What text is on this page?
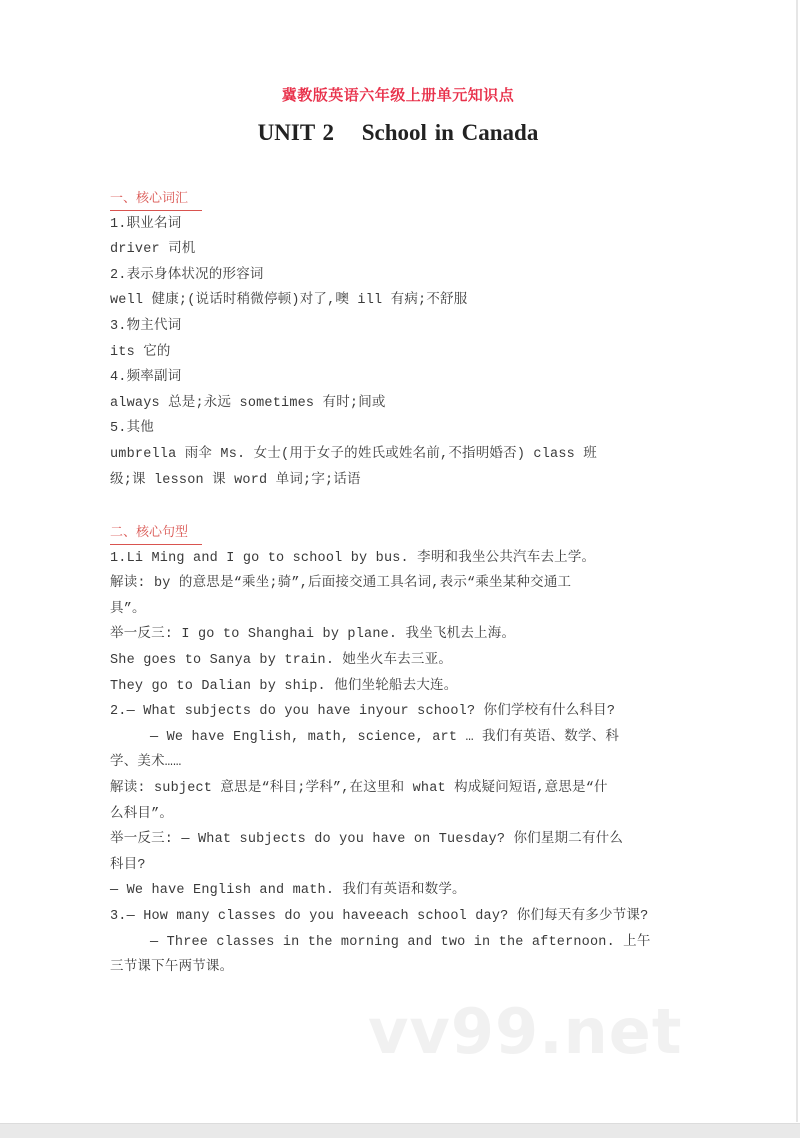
冀教版英语六年级上册单元知识点
UNIT 2 School in Canada
一、核心词汇
1.职业名词
driver 司机
2.表示身体状况的形容词
well 健康;(说话时稍微停顿)对了,噢 ill 有病;不舒服
3.物主代词
its 它的
4.频率副词
always 总是;永远 sometimes 有时;间或
5.其他
umbrella 雨伞 Ms. 女士(用于女子的姓氏或姓名前,不指明婚否) class 班
级;课 lesson 课 word 单词;字;话语
二、核心句型
1.Li Ming and I go to school by bus. 李明和我坐公共汽车去上学。
解读: by 的意思是“乘坐;骑”,后面接交通工具名词,表示“乘坐某种交通工
具”。
举一反三: I go to Shanghai by plane. 我坐飞机去上海。
She goes to Sanya by train. 她坐火车去三亚。
They go to Dalian by ship. 他们坐轮船去大连。
2.— What subjects do you have inyour school? 你们学校有什么科目?
— We have English, math, science, art … 我们有英语、数学、科
学、美术……
解读: subject 意思是“科目;学科”,在这里和 what 构成疑问短语,意思是“什
么科目”。
举一反三: — What subjects do you have on Tuesday? 你们星期二有什么
科目?
— We have English and math. 我们有英语和数学。
3.— How many classes do you haveeach school day? 你们每天有多少节课?
— Three classes in the morning and two in the afternoon. 上午
三节课下午两节课。
vv99.net
